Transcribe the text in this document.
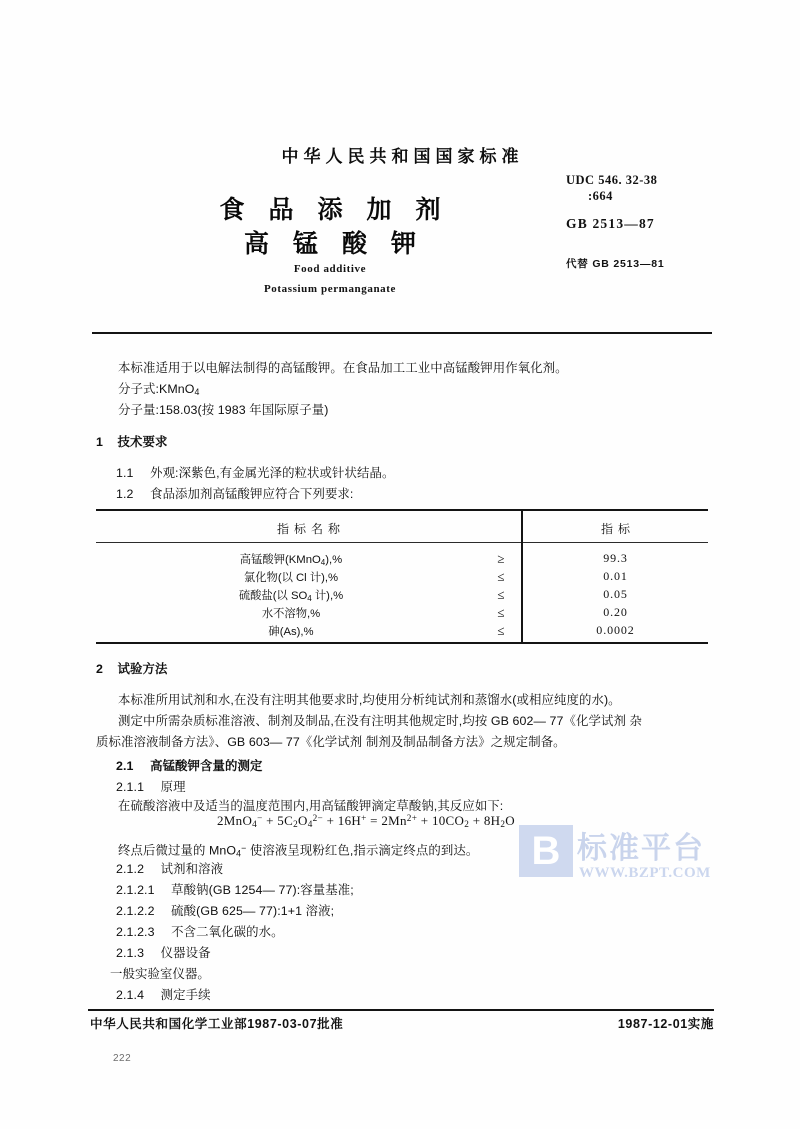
中华人民共和国国家标准
食品添加剂
高锰酸钾
Food additive
Potassium permanganate
UDC 546. 32-38
:664
GB 2513—87
代替 GB 2513—81
本标准适用于以电解法制得的高锰酸钾。在食品加工工业中高锰酸钾用作氧化剂。
分子式:KMnO$_4$
分子量:158.03(按 1983 年国际原子量)
1 技术要求
1.1 外观:深紫色,有金属光泽的粒状或针状结晶。
1.2 食品添加剂高锰酸钾应符合下列要求:
指标名称	指标
高锰酸钾(KMnO$_4$),%	≥	99.3
氯化物(以 Cl 计),%	≤	0.01
硫酸盐(以 $SO_4$ 计),%	≤	0.05
水不溶物,%	≤	0.20
砷(As),%	≤	0.0002
2 试验方法
本标准所用试剂和水,在没有注明其他要求时,均使用分析纯试剂和蒸馏水(或相应纯度的水)。
测定中所需杂质标准溶液、制剂及制品,在没有注明其他规定时,均按 GB 602— 77《化学试剂 杂
质标准溶液制备方法》、GB 603— 77《化学试剂 制剂及制品制备方法》之规定制备。
2.1 高锰酸钾含量的测定
2.1.1 原理
在硫酸溶液中及适当的温度范围内,用高锰酸钾滴定草酸钠,其反应如下:
$2MnO_4^- + 5C_2O_4^{2-} + 16H^+ = 2Mn^{2+} + 10CO_2 + 8H_2O$
终点后微过量的 MnO$_4$− 使溶液呈现粉红色,指示滴定终点的到达。
2.1.2 试剂和溶液
2.1.2.1 草酸钠(GB 1254— 77):容量基准;
2.1.2.2 硫酸(GB 625— 77):1+1 溶液;
2.1.2.3 不含二氧化碳的水。
2.1.3 仪器设备
一般实验室仪器。
2.1.4 测定手续
B 标准平台
WWW.BZPT.COM
中华人民共和国化学工业部1987-03-07批准	1987-12-01实施
222
